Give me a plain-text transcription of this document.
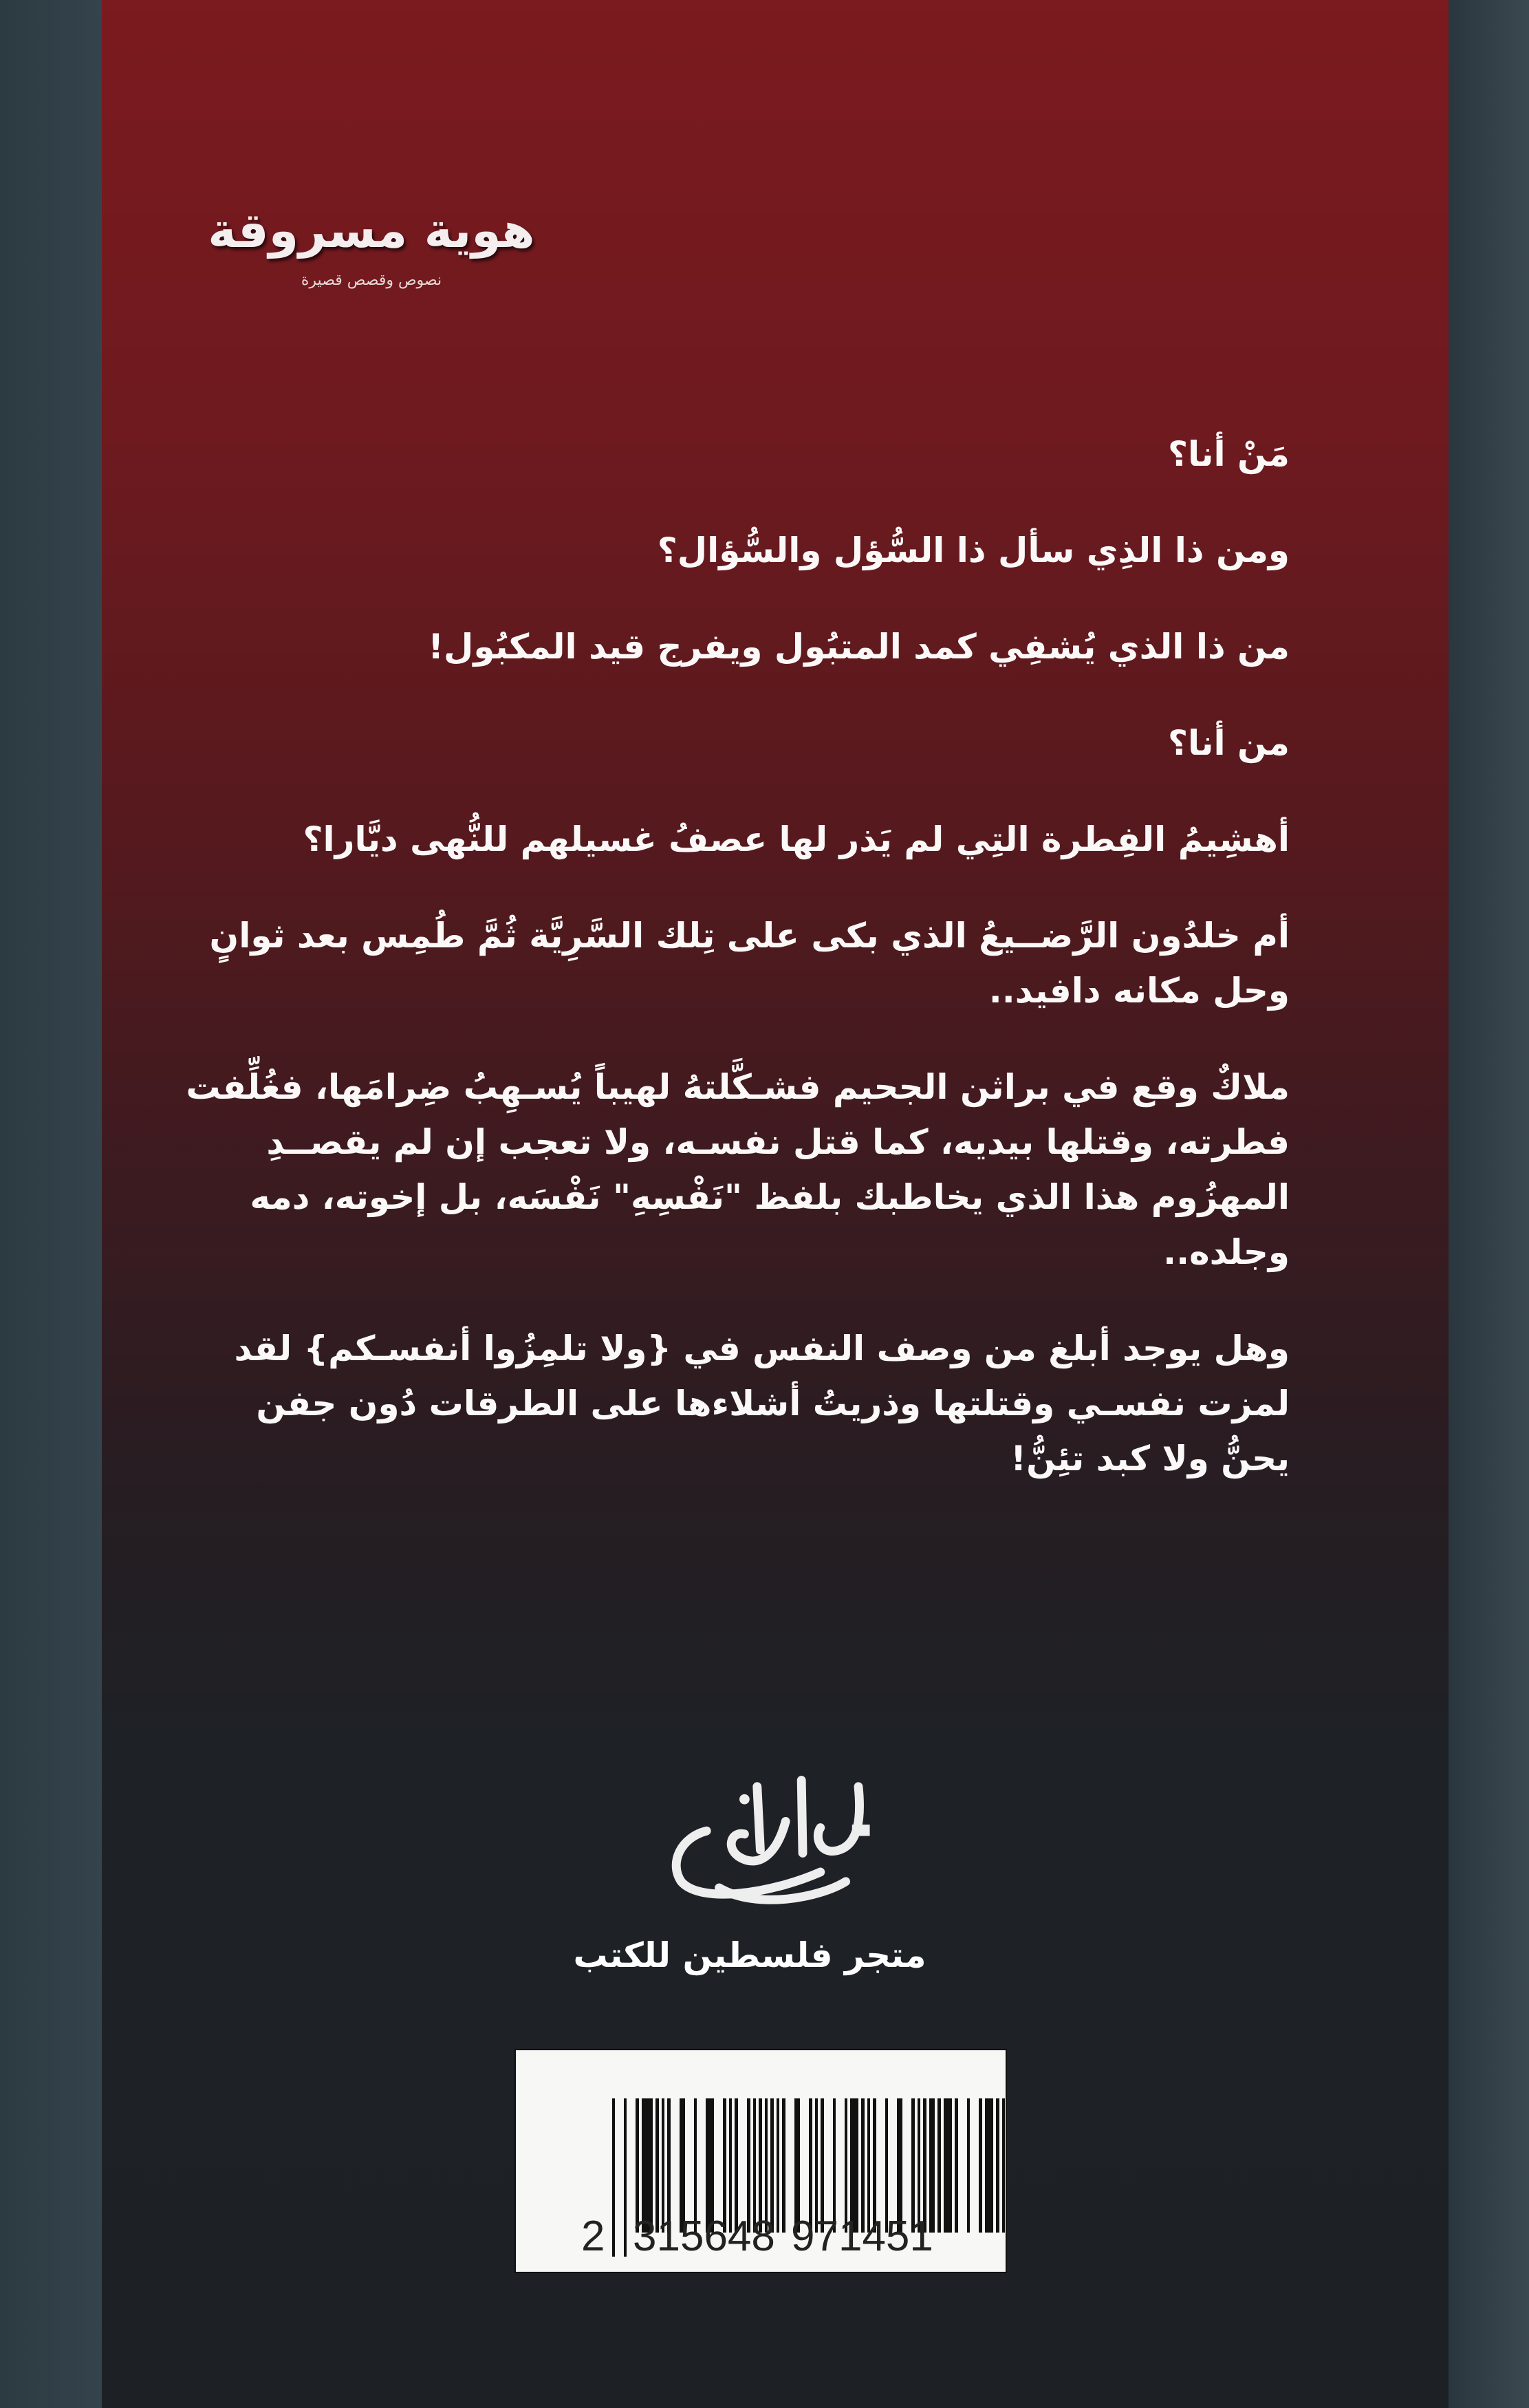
هوية مسروقة
نصوص وقصص قصيرة

مَنْ أنا؟

ومن ذا الذِي سأل ذا السُّؤل والسُّؤال؟

من ذا الذي يُشفِي كمد المتبُول ويفرج قيد المكبُول!

من أنا؟

أهشِيمُ الفِطرة التِي لم يَذر لها عصفُ غسيلهم للنُّهى ديَّارا؟

أم خلدُون الرَّضــيعُ الذي بكى على تِلك السَّرِيَّة ثُمَّ طُمِس بعد ثوانٍ وحل مكانه دافيد..

ملاكٌ وقع في براثن الجحيم فشـكَّلتهُ لهيباً يُسـهِبُ ضِرامَها، فغُلِّفت فطرته، وقتلها بيديه، كما قتل نفسـه، ولا تعجب إن لم يقصــدِ المهزُوم هذا الذي يخاطبك بلفظ "نَفْسِهِ" نَفْسَه، بل إخوته، دمه وجلده..

وهل يوجد أبلغ من وصف النفس في {ولا تلمِزُوا أنفسـكم} لقد لمزت نفسـي وقتلتها وذريتُ أشلاءها على الطرقات دُون جفن يحنُّ ولا كبد تئِنُّ!

متجر فلسطين للكتب
2 315648 971451
